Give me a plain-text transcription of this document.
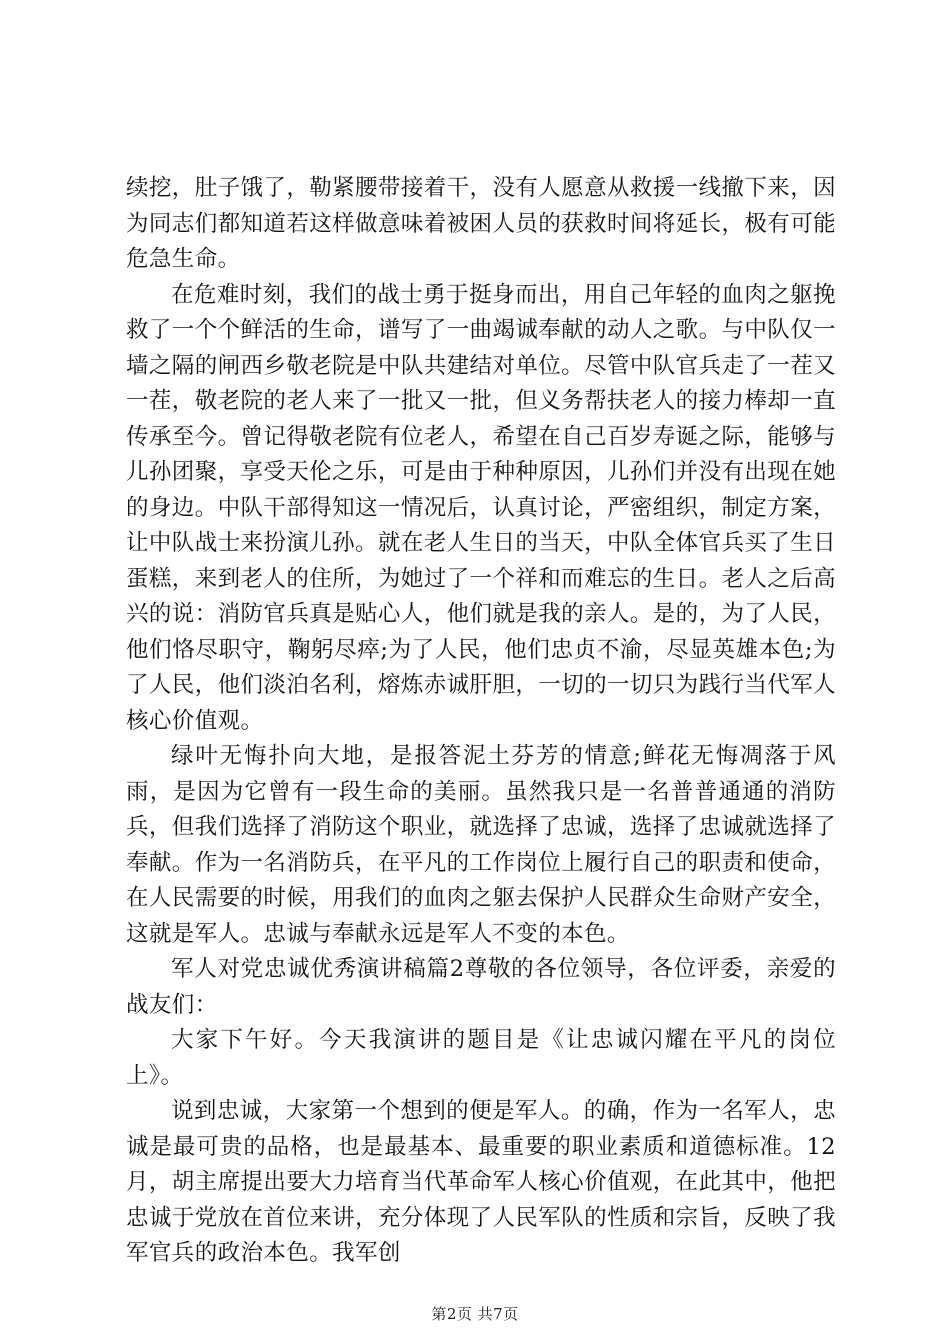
续挖，肚子饿了，勒紧腰带接着干，没有人愿意从救援一线撤下来，因为同志们都知道若这样做意味着被困人员的获救时间将延长，极有可能危急生命。

在危难时刻，我们的战士勇于挺身而出，用自己年轻的血肉之躯挽救了一个个鲜活的生命，谱写了一曲竭诚奉献的动人之歌。与中队仅一墙之隔的闸西乡敬老院是中队共建结对单位。尽管中队官兵走了一茬又一茬，敬老院的老人来了一批又一批，但义务帮扶老人的接力棒却一直传承至今。曾记得敬老院有位老人，希望在自己百岁寿诞之际，能够与儿孙团聚，享受天伦之乐，可是由于种种原因，儿孙们并没有出现在她的身边。中队干部得知这一情况后，认真讨论，严密组织，制定方案，让中队战士来扮演儿孙。就在老人生日的当天，中队全体官兵买了生日蛋糕，来到老人的住所，为她过了一个祥和而难忘的生日。老人之后高兴的说：消防官兵真是贴心人，他们就是我的亲人。是的，为了人民，他们恪尽职守，鞠躬尽瘁;为了人民，他们忠贞不渝，尽显英雄本色;为了人民，他们淡泊名利，熔炼赤诚肝胆，一切的一切只为践行当代军人核心价值观。

绿叶无悔扑向大地，是报答泥土芬芳的情意;鲜花无悔凋落于风雨，是因为它曾有一段生命的美丽。虽然我只是一名普普通通的消防兵，但我们选择了消防这个职业，就选择了忠诚，选择了忠诚就选择了奉献。作为一名消防兵，在平凡的工作岗位上履行自己的职责和使命，在人民需要的时候，用我们的血肉之躯去保护人民群众生命财产安全，这就是军人。忠诚与奉献永远是军人不变的本色。

军人对党忠诚优秀演讲稿篇2尊敬的各位领导，各位评委，亲爱的战友们：

大家下午好。今天我演讲的题目是《让忠诚闪耀在平凡的岗位上》。

说到忠诚，大家第一个想到的便是军人。的确，作为一名军人，忠诚是最可贵的品格，也是最基本、最重要的职业素质和道德标准。12月，胡主席提出要大力培育当代革命军人核心价值观，在此其中，他把忠诚于党放在首位来讲，充分体现了人民军队的性质和宗旨，反映了我军官兵的政治本色。我军创

第2页 共7页
